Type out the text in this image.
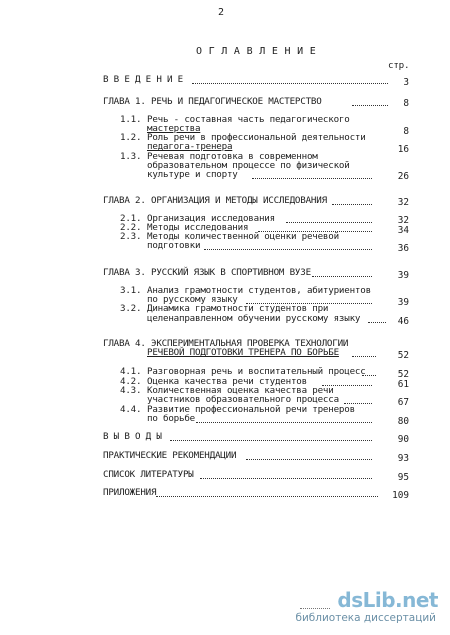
2
О Г Л А В Л Е Н И Е
стр.
В В Е Д Е Н И Е	3
ГЛАВА 1. РЕЧЬ И ПЕДАГОГИЧЕСКОЕ МАСТЕРСТВО	8
1.1. Речь - составная часть педагогического
мастерства	8
1.2. Роль речи в профессиональной деятельности
педагога-тренера	16
1.3. Речевая подготовка в современном
образовательном процессе по физической
культуре и спорту	26
ГЛАВА 2. ОРГАНИЗАЦИЯ И МЕТОДЫ ИССЛЕДОВАНИЯ	32
2.1. Организация исследования	32
2.2. Методы исследования	34
2.3. Методы количественной оценки речевой
подготовки	36
ГЛАВА 3. РУССКИЙ ЯЗЫК В СПОРТИВНОМ ВУЗЕ	39
3.1. Анализ грамотности студентов, абитуриентов
по русскому языку	39
3.2. Динамика грамотности студентов при
целенаправленном обучении русскому языку	46
ГЛАВА 4. ЭКСПЕРИМЕНТАЛЬНАЯ ПРОВЕРКА ТЕХНОЛОГИИ
РЕЧЕВОЙ ПОДГОТОВКИ ТРЕНЕРА ПО БОРЬБЕ	52
4.1. Разговорная речь и воспитательный процесс	52
4.2. Оценка качества речи студентов	61
4.3. Количественная оценка качества речи
участников образовательного процесса	67
4.4. Развитие профессиональной речи тренеров
по борьбе	80
В Ы В О Д Ы	90
ПРАКТИЧЕСКИЕ РЕКОМЕНДАЦИИ	93
СПИСОК ЛИТЕРАТУРЫ	95
ПРИЛОЖЕНИЯ	109
dsLib.net
библиотека диссертаций
